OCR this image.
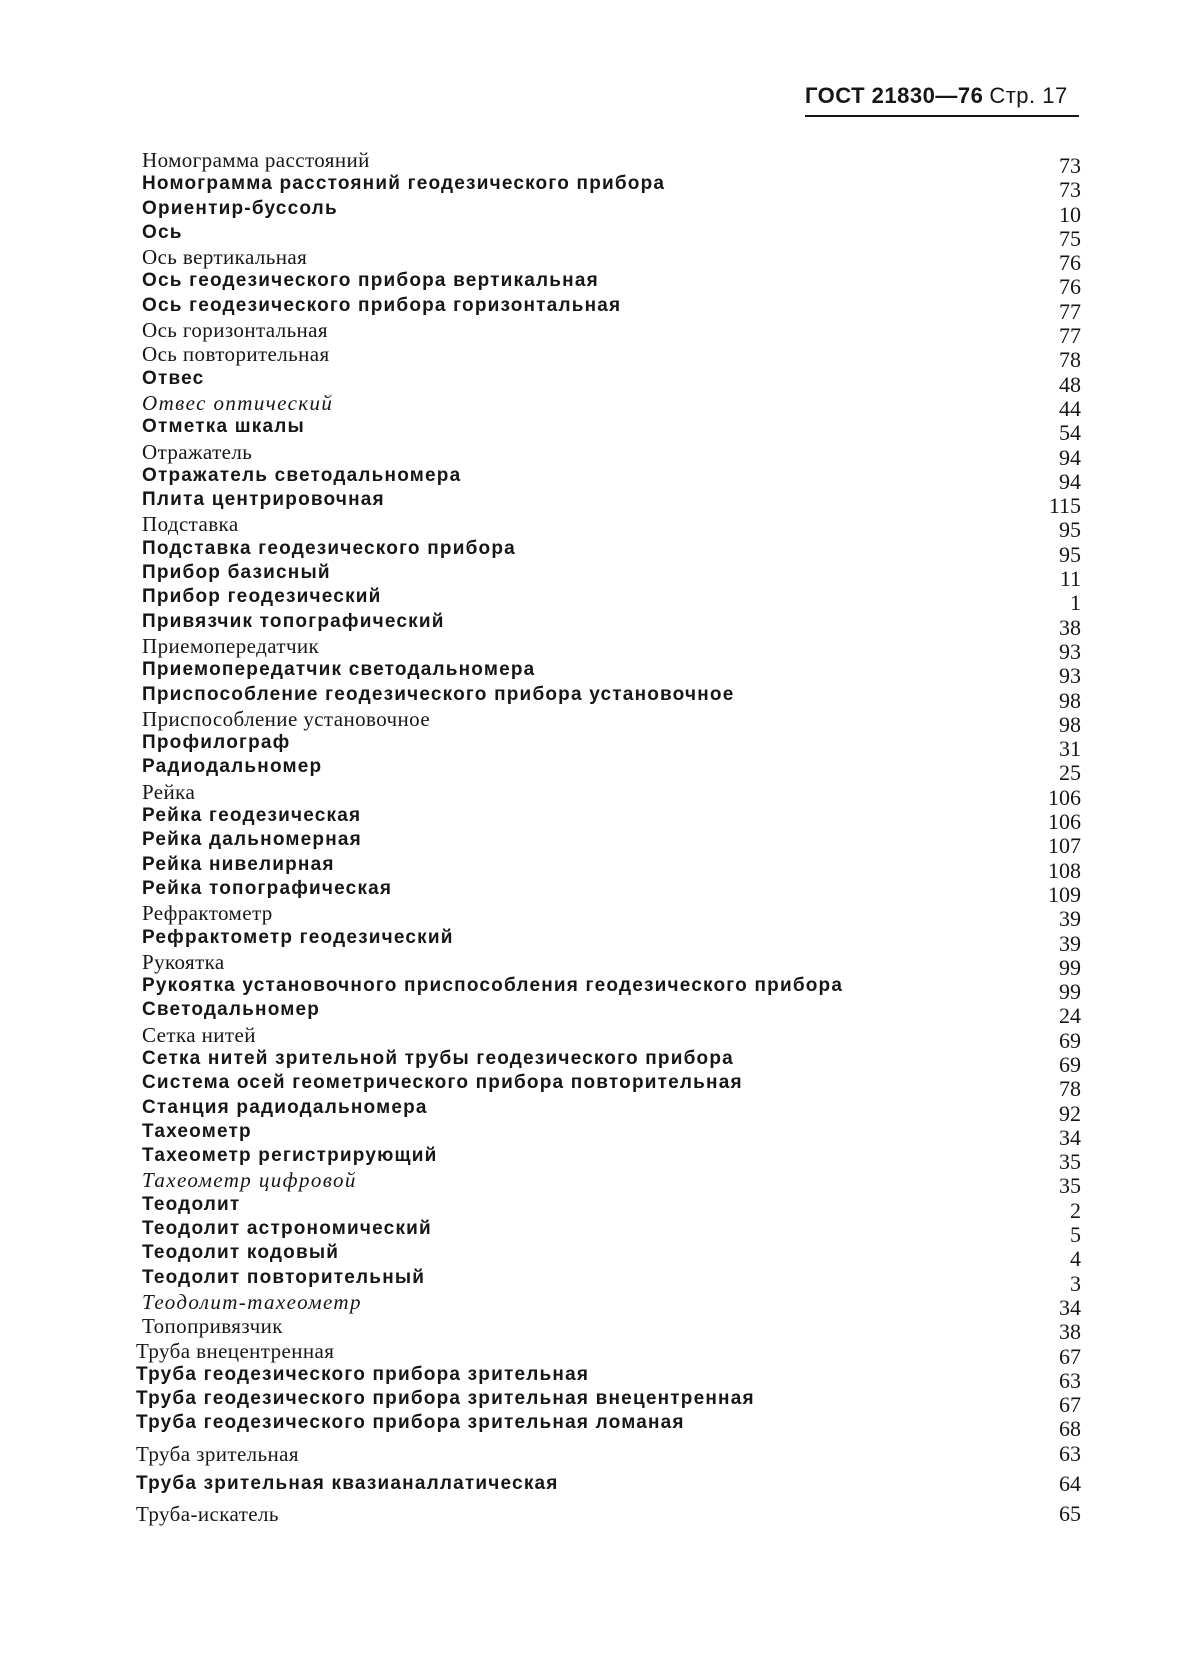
ГОСТ 21830—76 Стр. 17
Номограмма расстояний	73
Номограмма расстояний геодезического прибора	73
Ориентир-буссоль	10
Ось	75
Ось вертикальная	76
Ось геодезического прибора вертикальная	76
Ось геодезического прибора горизонтальная	77
Ось горизонтальная	77
Ось повторительная	78
Отвес	48
Отвес оптический	44
Отметка шкалы	54
Отражатель	94
Отражатель светодальномера	94
Плита центрировочная	115
Подставка	95
Подставка геодезического прибора	95
Прибор базисный	11
Прибор геодезический	1
Привязчик топографический	38
Приемопередатчик	93
Приемопередатчик светодальномера	93
Приспособление геодезического прибора установочное	98
Приспособление установочное	98
Профилограф	31
Радиодальномер	25
Рейка	106
Рейка геодезическая	106
Рейка дальномерная	107
Рейка нивелирная	108
Рейка топографическая	109
Рефрактометр	39
Рефрактометр геодезический	39
Рукоятка	99
Рукоятка установочного приспособления геодезического прибора	99
Светодальномер	24
Сетка нитей	69
Сетка нитей зрительной трубы геодезического прибора	69
Система осей геометрического прибора повторительная	78
Станция радиодальномера	92
Тахеометр	34
Тахеометр регистрирующий	35
Тахеометр цифровой	35
Теодолит	2
Теодолит астрономический	5
Теодолит кодовый	4
Теодолит повторительный	3
Теодолит-тахеометр	34
Топопривязчик	38
Труба внецентренная	67
Труба геодезического прибора зрительная	63
Труба геодезического прибора зрительная внецентренная	67
Труба геодезического прибора зрительная ломаная	68
Труба зрительная	63
Труба зрительная квазианаллатическая	64
Труба-искатель	65
